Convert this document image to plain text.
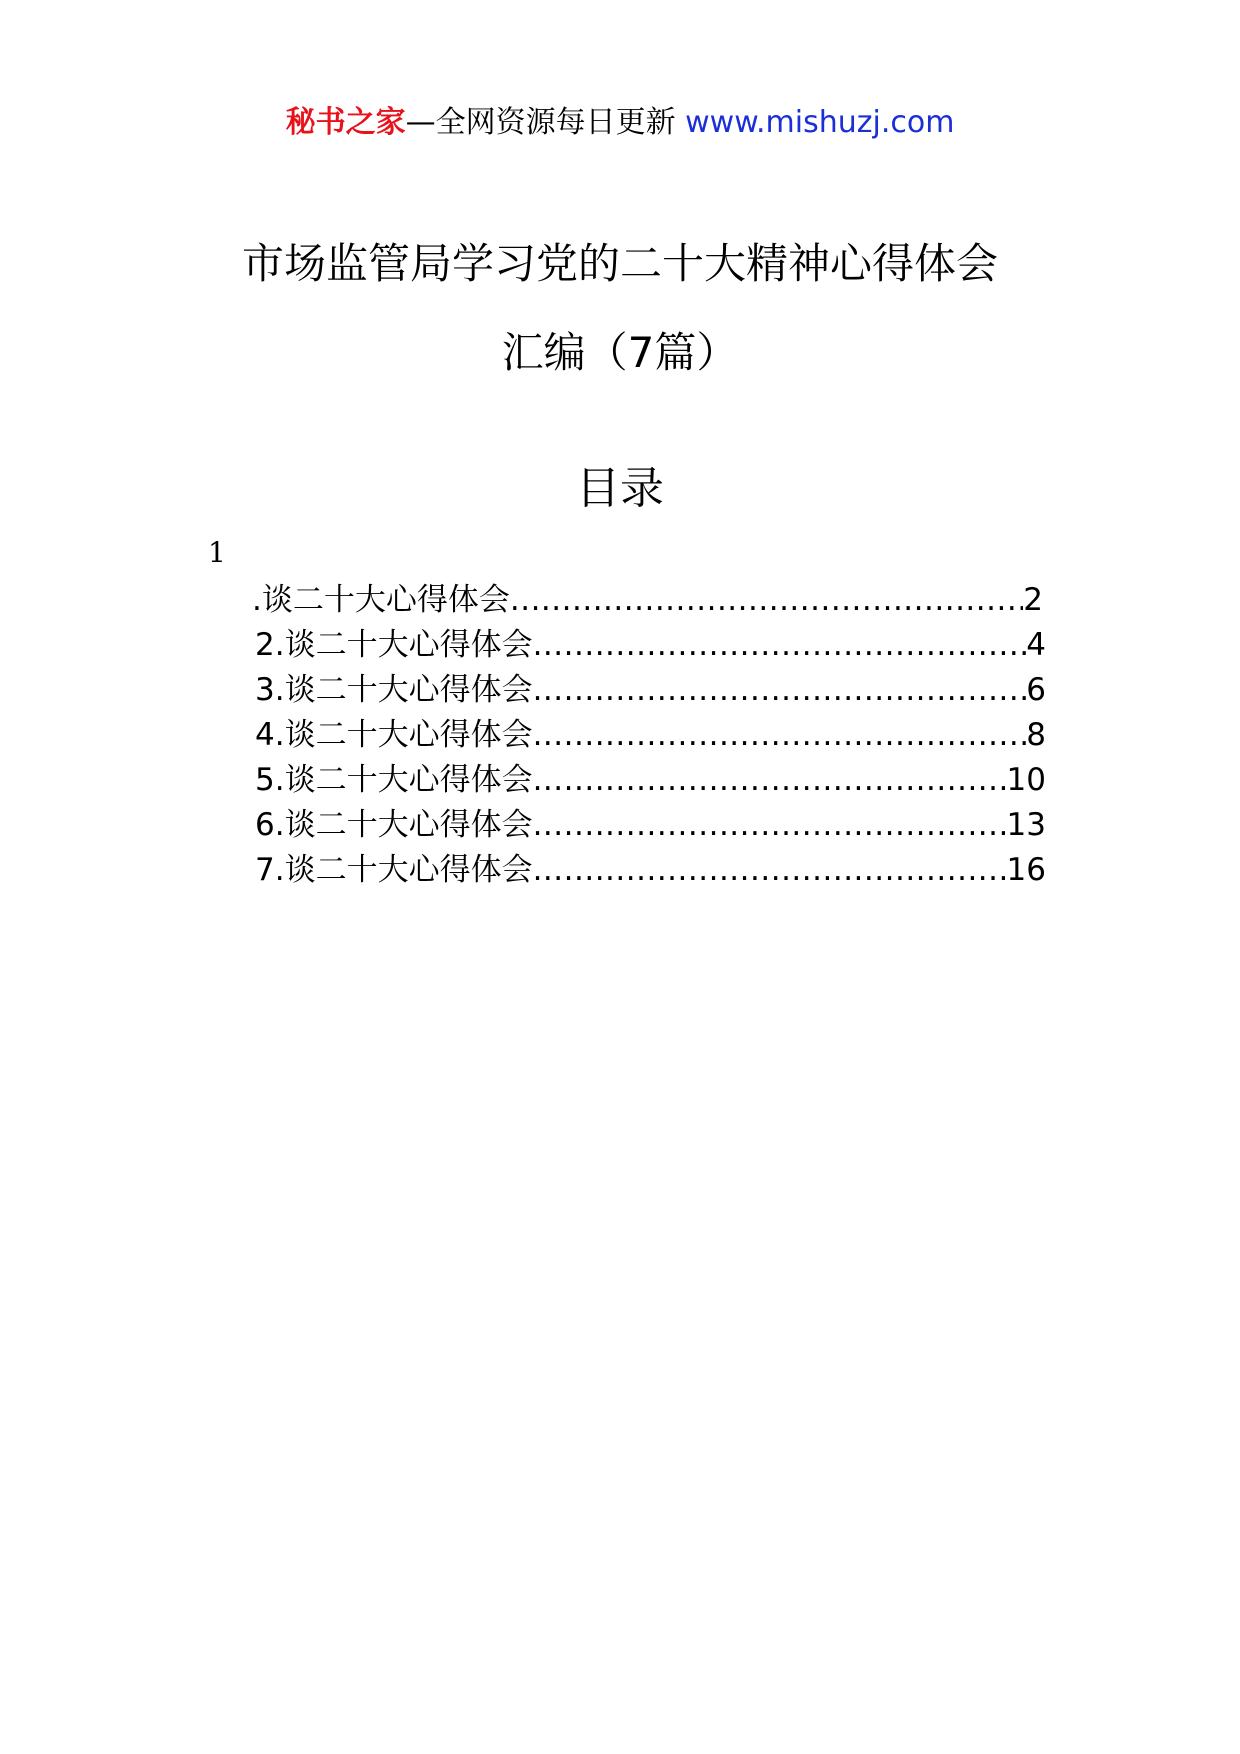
秘书之家—全网资源每日更新 www.mishuzj.com
市场监管局学习党的二十大精神心得体会
汇编（7篇）
目录
1
.谈二十大心得体会 .....	2
2.谈二十大心得体会 .....	4
3.谈二十大心得体会 .....	6
4.谈二十大心得体会 .....	8
5.谈二十大心得体会 .....	10
6.谈二十大心得体会 .....	13
7.谈二十大心得体会 .....	16
